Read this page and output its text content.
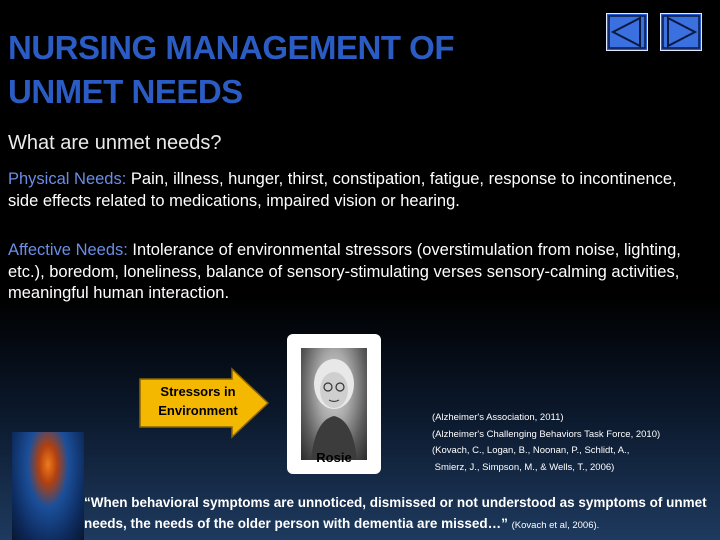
NURSING MANAGEMENT OF UNMET NEEDS
What are unmet needs?
Physical Needs: Pain, illness, hunger, thirst, constipation, fatigue, response to incontinence, side effects related to medications, impaired vision or hearing.
Affective Needs: Intolerance of environmental stressors (overstimulation from noise, lighting, etc.), boredom, loneliness, balance of sensory-stimulating verses sensory-calming activities, meaningful human interaction.
Stressors in Environment
Rosie
(Alzheimer's Association, 2011)
(Alzheimer's Challenging Behaviors Task Force, 2010)
(Kovach, C., Logan, B., Noonan, P., Schlidt, A.,
Smierz, J., Simpson, M., & Wells, T., 2006)
“When behavioral symptoms are unnoticed, dismissed or not understood as symptoms of unmet needs, the needs of the older person with dementia are missed…” (Kovach et al, 2006).
